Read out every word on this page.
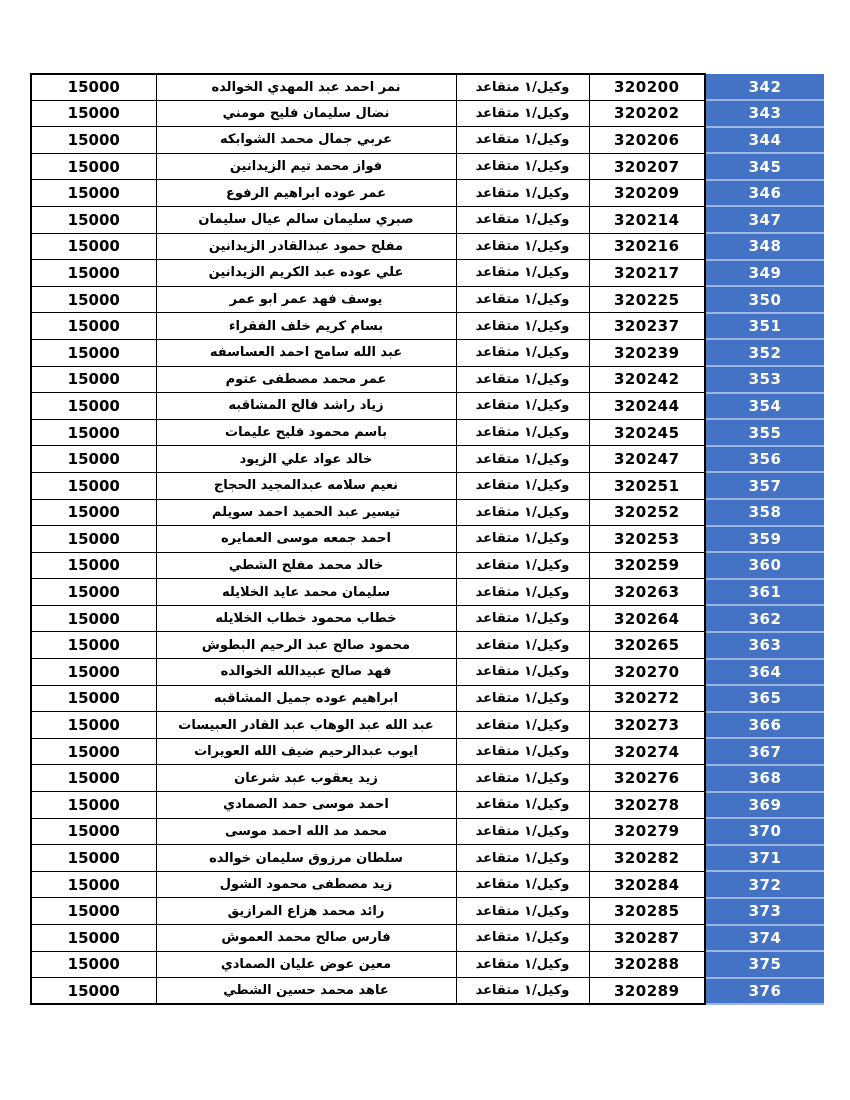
15000	نمر احمد عبد المهدي الخوالده	وكيل/١ متقاعد	320200	342
15000	نضال سليمان فليح مومني	وكيل/١ متقاعد	320202	343
15000	عربي جمال محمد الشوابكه	وكيل/١ متقاعد	320206	344
15000	فواز محمد تيم الزيدانين	وكيل/١ متقاعد	320207	345
15000	عمر عوده ابراهيم الرفوع	وكيل/١ متقاعد	320209	346
15000	صبري سليمان سالم عيال سليمان	وكيل/١ متقاعد	320214	347
15000	مفلح حمود عبدالقادر الزيدانين	وكيل/١ متقاعد	320216	348
15000	علي عوده عبد الكريم الزيدانين	وكيل/١ متقاعد	320217	349
15000	يوسف فهد عمر ابو عمر	وكيل/١ متقاعد	320225	350
15000	بسام كريم خلف الفقراء	وكيل/١ متقاعد	320237	351
15000	عبد الله سامح احمد العساسفه	وكيل/١ متقاعد	320239	352
15000	عمر محمد مصطفى عتوم	وكيل/١ متقاعد	320242	353
15000	زياد راشد فالح المشاقبه	وكيل/١ متقاعد	320244	354
15000	باسم محمود فليح عليمات	وكيل/١ متقاعد	320245	355
15000	خالد عواد علي الزيود	وكيل/١ متقاعد	320247	356
15000	نعيم سلامه عبدالمجيد الحجاج	وكيل/١ متقاعد	320251	357
15000	تيسير عبد الحميد احمد سويلم	وكيل/١ متقاعد	320252	358
15000	احمد جمعه موسى العمايره	وكيل/١ متقاعد	320253	359
15000	خالد محمد مفلح الشطي	وكيل/١ متقاعد	320259	360
15000	سليمان محمد عايد الخلايله	وكيل/١ متقاعد	320263	361
15000	خطاب محمود خطاب الخلايله	وكيل/١ متقاعد	320264	362
15000	محمود صالح عبد الرحيم البطوش	وكيل/١ متقاعد	320265	363
15000	فهد صالح عبيدالله الخوالده	وكيل/١ متقاعد	320270	364
15000	ابراهيم عوده جميل المشاقبه	وكيل/١ متقاعد	320272	365
15000	عبد الله عبد الوهاب عبد القادر العبيسات	وكيل/١ متقاعد	320273	366
15000	ايوب عبدالرحيم ضيف الله العويرات	وكيل/١ متقاعد	320274	367
15000	زيد يعقوب عبد شرعان	وكيل/١ متقاعد	320276	368
15000	احمد موسى حمد الصمادي	وكيل/١ متقاعد	320278	369
15000	محمد مد الله احمد موسى	وكيل/١ متقاعد	320279	370
15000	سلطان مرزوق سليمان خوالده	وكيل/١ متقاعد	320282	371
15000	زيد مصطفى محمود الشول	وكيل/١ متقاعد	320284	372
15000	رائد محمد هزاع المرازيق	وكيل/١ متقاعد	320285	373
15000	فارس صالح محمد العموش	وكيل/١ متقاعد	320287	374
15000	معين عوض عليان الصمادي	وكيل/١ متقاعد	320288	375
15000	عاهد محمد حسين الشطي	وكيل/١ متقاعد	320289	376
